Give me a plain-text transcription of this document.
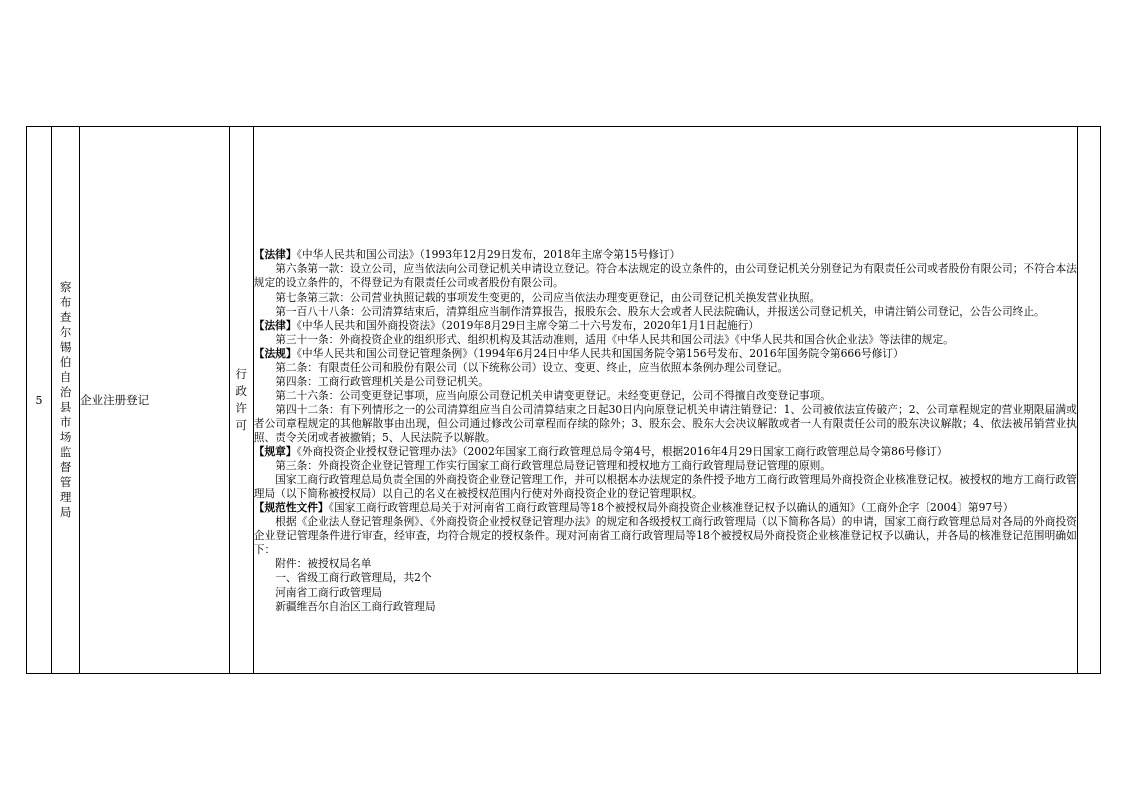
5	察布查尔锡伯自治县市场监督管理局	企业注册登记	行政许可	

【法律】《中华人民共和国公司法》（1993年12月29日发布，2018年主席令第15号修订）

第六条第一款：设立公司，应当依法向公司登记机关申请设立登记。符合本法规定的设立条件的，由公司登记机关分别登记为有限责任公司或者股份有限公司；不符合本法规定的设立条件的，不得登记为有限责任公司或者股份有限公司。

第七条第三款：公司营业执照记载的事项发生变更的，公司应当依法办理变更登记，由公司登记机关换发营业执照。

第一百八十八条：公司清算结束后，清算组应当制作清算报告，报股东会、股东大会或者人民法院确认，并报送公司登记机关，申请注销公司登记，公告公司终止。

【法律】《中华人民共和国外商投资法》（2019年8月29日主席令第二十六号发布，2020年1月1日起施行）

第三十一条：外商投资企业的组织形式、组织机构及其活动准则，适用《中华人民共和国公司法》《中华人民共和国合伙企业法》等法律的规定。

【法规】《中华人民共和国公司登记管理条例》（1994年6月24日中华人民共和国国务院令第156号发布、2016年国务院令第666号修订）

第二条：有限责任公司和股份有限公司（以下统称公司）设立、变更、终止，应当依照本条例办理公司登记。

第四条：工商行政管理机关是公司登记机关。

第二十六条：公司变更登记事项，应当向原公司登记机关申请变更登记。未经变更登记，公司不得擅自改变登记事项。

第四十二条：有下列情形之一的公司清算组应当自公司清算结束之日起30日内向原登记机关申请注销登记：1、公司被依法宣传破产；2、公司章程规定的营业期限届满或者公司章程规定的其他解散事由出现，但公司通过修改公司章程而存续的除外；3、股东会、股东大会决议解散或者一人有限责任公司的股东决议解散；4、依法被吊销营业执照、责令关闭或者被撤销；5、人民法院予以解散。

【规章】《外商投资企业授权登记管理办法》（2002年国家工商行政管理总局令第4号，根据2016年4月29日国家工商行政管理总局令第86号修订）

第三条：外商投资企业登记管理工作实行国家工商行政管理总局登记管理和授权地方工商行政管理局登记管理的原则。

国家工商行政管理总局负责全国的外商投资企业登记管理工作，并可以根据本办法规定的条件授予地方工商行政管理局外商投资企业核准登记权。被授权的地方工商行政管理局（以下简称被授权局）以自己的名义在被授权范围内行使对外商投资企业的登记管理职权。

【规范性文件】《国家工商行政管理总局关于对河南省工商行政管理局等18个被授权局外商投资企业核准登记权予以确认的通知》（工商外企字〔2004〕第97号）

根据《企业法人登记管理条例》、《外商投资企业授权登记管理办法》的规定和各级授权工商行政管理局（以下简称各局）的申请，国家工商行政管理总局对各局的外商投资企业登记管理条件进行审查，经审查，均符合规定的授权条件。现对河南省工商行政管理局等18个被授权局外商投资企业核准登记权予以确认，并各局的核准登记范围明确如下：

附件：被授权局名单

一、省级工商行政管理局，共2个

河南省工商行政管理局

新疆维吾尔自治区工商行政管理局
